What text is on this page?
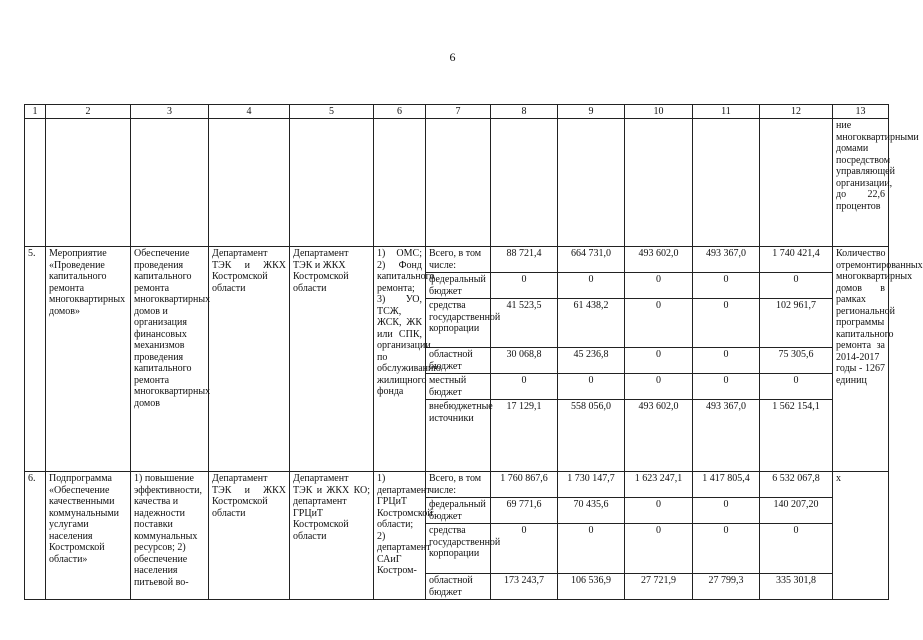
6
1	2	3	4	5	6	7	8	9	10	11	12	13
												ние многоквартирными домами посредством управляющей организации, до 22,6 процентов
5.	Мероприятие «Проведение капитального ремонта многоквартирных домов»	Обеспечение проведения капитального ремонта многоквартирных домов и организация финансовых механизмов проведения капитального ремонта многоквартирных домов	Департамент ТЭК и ЖКХ Костромской области	Департамент ТЭК и ЖКХ Костромской области	1) ОМС; 2) Фонд капитального ремонта; 3) УО, ТСЖ, ЖСК, ЖК или СПК, организации по обслуживанию жилищного фонда	Всего, в том числе:	88 721,4	664 731,0	493 602,0	493 367,0	1 740 421,4	Количество отремонтированных многоквартирных домов в рамках региональной программы капитального ремонта за 2014-2017 годы - 1267 единиц
						федеральный бюджет	0	0	0	0	0	
						средства государственной корпорации	41 523,5	61 438,2	0	0	102 961,7	
						областной бюджет	30 068,8	45 236,8	0	0	75 305,6	
						местный бюджет	0	0	0	0	0	
						внебюджетные источники	17 129,1	558 056,0	493 602,0	493 367,0	1 562 154,1	
6.	Подпрограмма «Обеспечение качественными коммунальными услугами населения Костромской области»	1) повышение эффективности, качества и надежности поставки коммунальных ресурсов; 2) обеспечение населения питьевой во-	Департамент ТЭК и ЖКХ Костромской области	Департамент ТЭК и ЖКХ КО; департамент ГРЦиТ Костромской области	1) департамент ГРЦиТ Костромской области; 2) департамент САиГ Костром-	Всего, в том числе:	1 760 867,6	1 730 147,7	1 623 247,1	1 417 805,4	6 532 067,8	х
						федеральный бюджет	69 771,6	70 435,6	0	0	140 207,20	
						средства государственной корпорации	0	0	0	0	0	
						областной бюджет	173 243,7	106 536,9	27 721,9	27 799,3	335 301,8	
